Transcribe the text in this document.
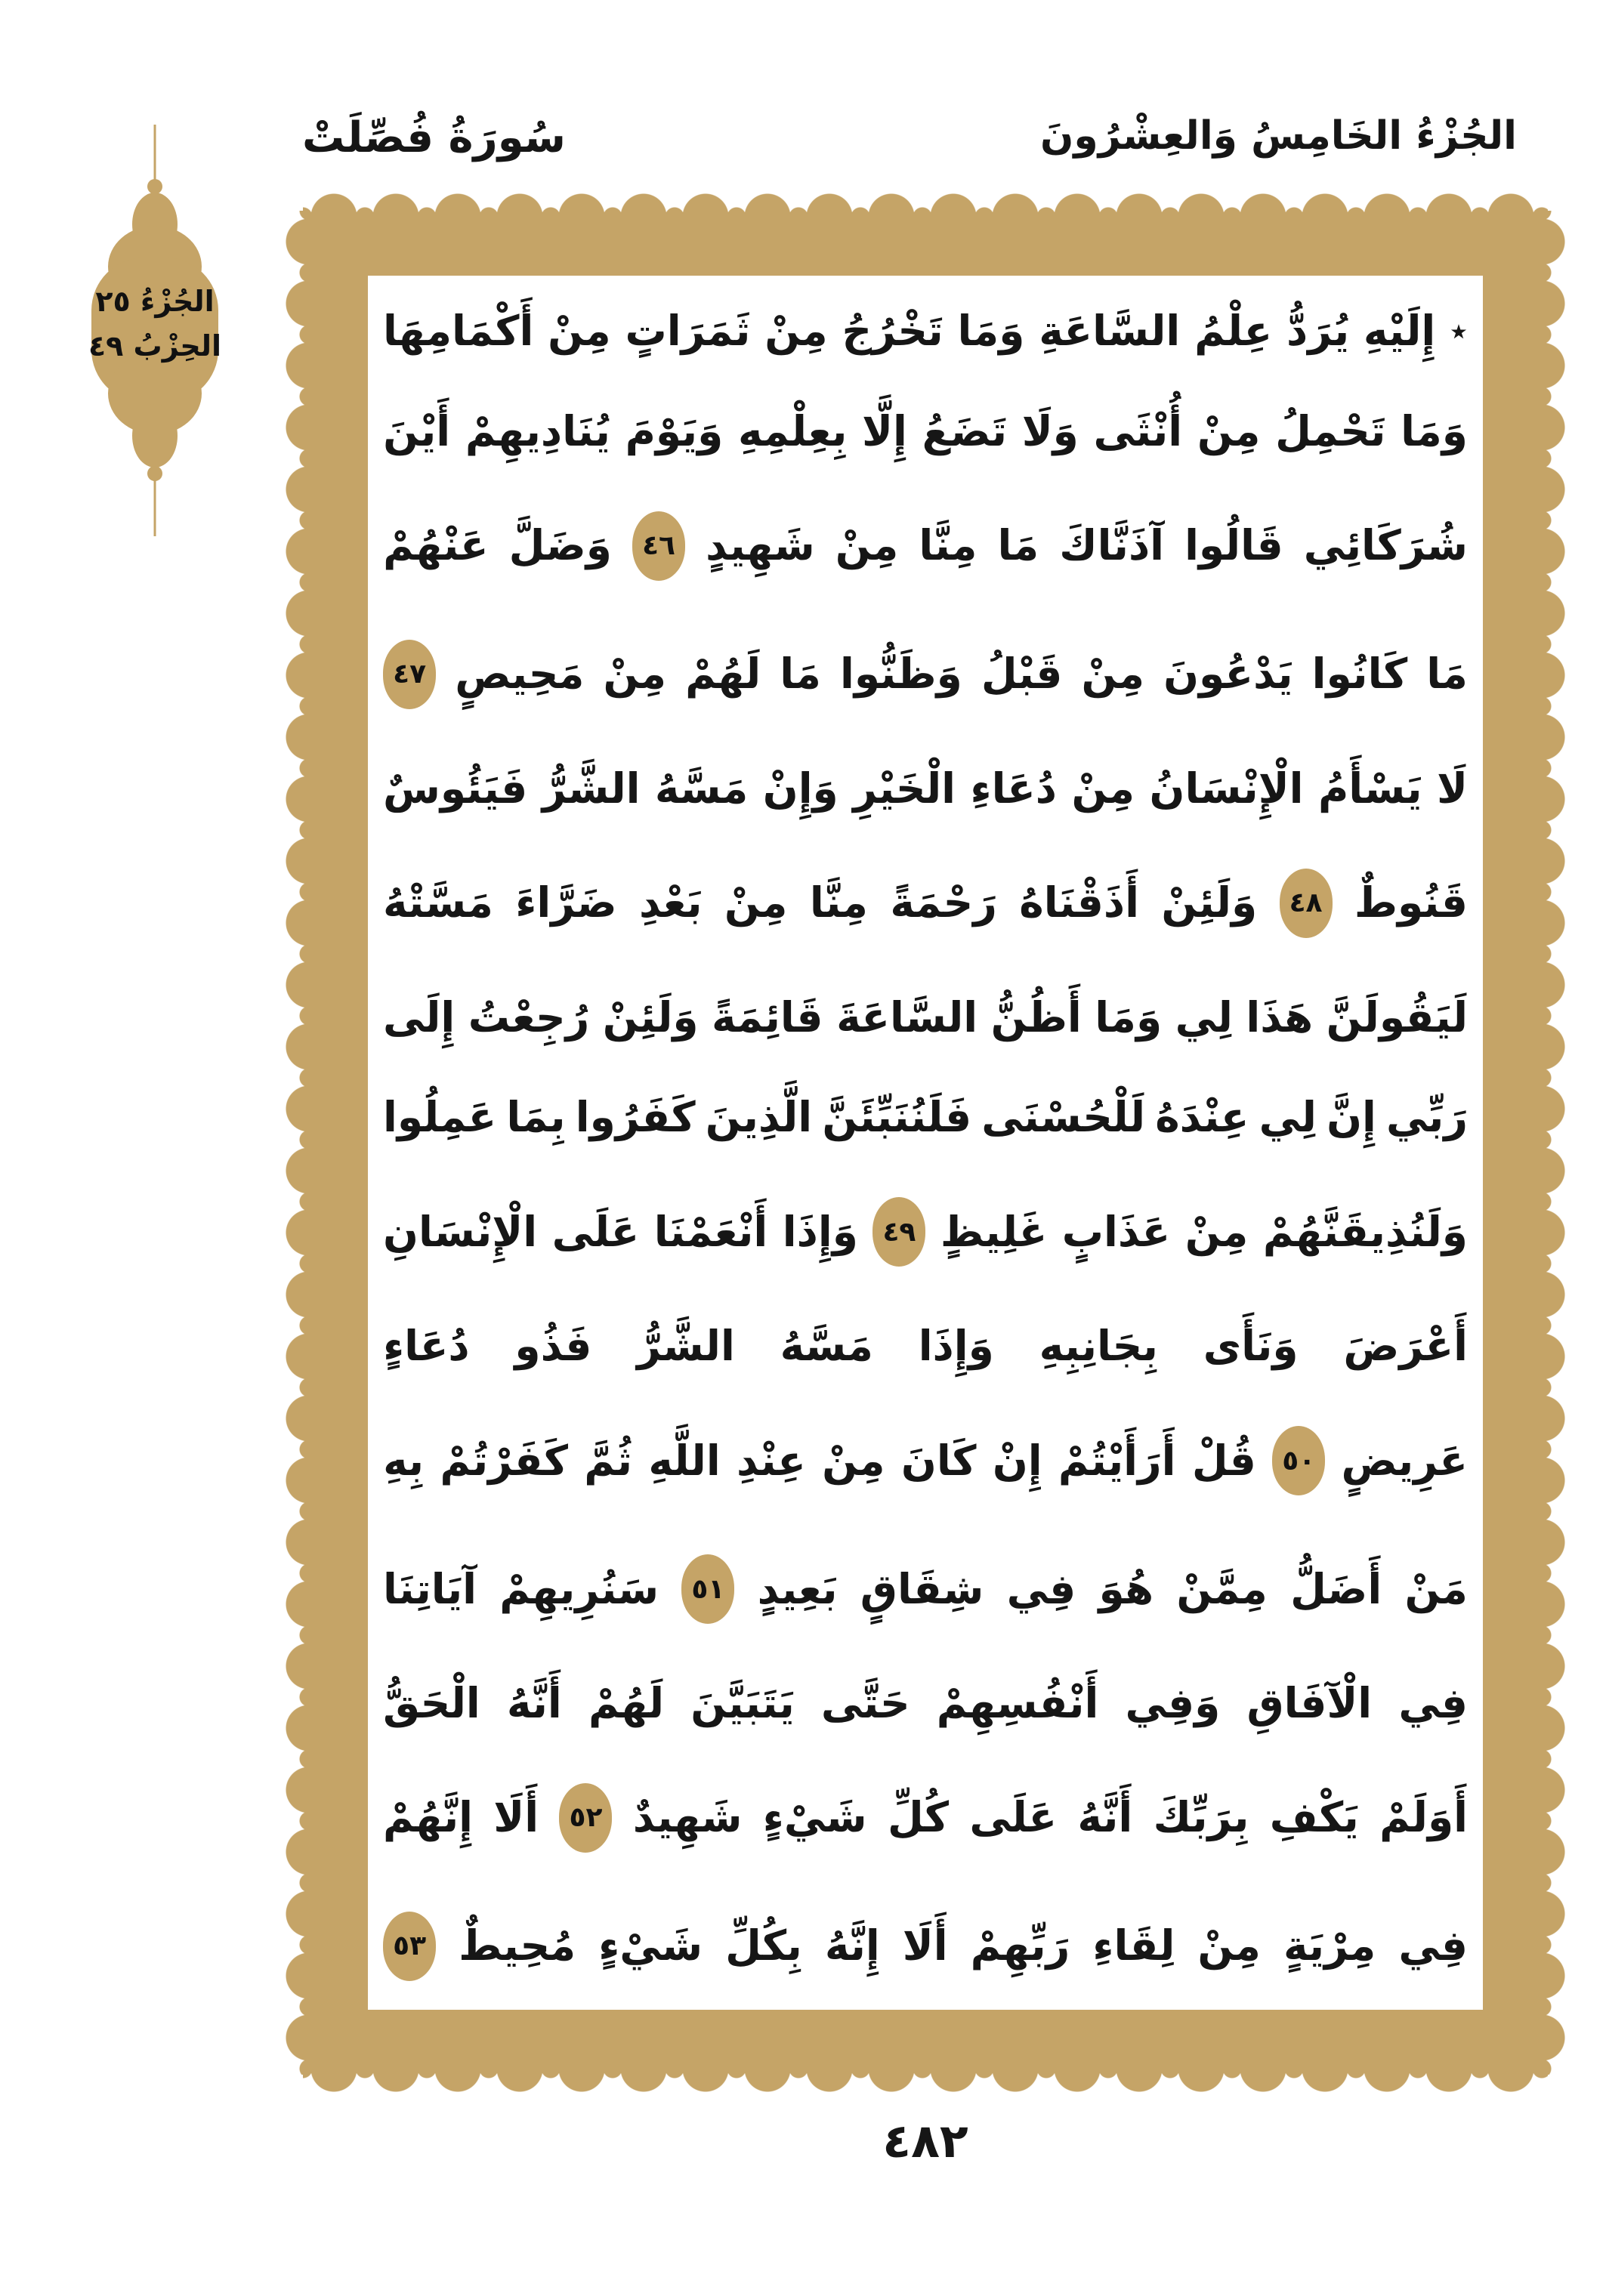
سُورَةُ فُصِّلَتْ	الجُزْءُ الخَامِسُ وَالعِشْرُونَ
الجُزْءُ ٢٥
الحِزْبُ ٤٩	٭
إِلَيْهِ
يُرَدُّ
عِلْمُ
السَّاعَةِ
وَمَا
تَخْرُجُ
مِنْ
ثَمَرَاتٍ
مِنْ
أَكْمَامِهَا
وَمَا
تَحْمِلُ
مِنْ
أُنْثَى
وَلَا
تَضَعُ
إِلَّا
بِعِلْمِهِ
وَيَوْمَ
يُنَادِيهِمْ
أَيْنَ
شُرَكَائِي
قَالُوا
آذَنَّاكَ
مَا
مِنَّا
مِنْ
شَهِيدٍ
٤٦
وَضَلَّ
عَنْهُمْ
مَا
كَانُوا
يَدْعُونَ
مِنْ
قَبْلُ
وَظَنُّوا
مَا
لَهُمْ
مِنْ
مَحِيصٍ
٤٧
لَا
يَسْأَمُ
الْإِنْسَانُ
مِنْ
دُعَاءِ
الْخَيْرِ
وَإِنْ
مَسَّهُ
الشَّرُّ
فَيَئُوسٌ
قَنُوطٌ
٤٨
وَلَئِنْ
أَذَقْنَاهُ
رَحْمَةً
مِنَّا
مِنْ
بَعْدِ
ضَرَّاءَ
مَسَّتْهُ
لَيَقُولَنَّ
هَذَا
لِي
وَمَا
أَظُنُّ
السَّاعَةَ
قَائِمَةً
وَلَئِنْ
رُجِعْتُ
إِلَى
رَبِّي
إِنَّ
لِي
عِنْدَهُ
لَلْحُسْنَى
فَلَنُنَبِّئَنَّ
الَّذِينَ
كَفَرُوا
بِمَا
عَمِلُوا
وَلَنُذِيقَنَّهُمْ
مِنْ
عَذَابٍ
غَلِيظٍ
٤٩
وَإِذَا
أَنْعَمْنَا
عَلَى
الْإِنْسَانِ
أَعْرَضَ
وَنَأَى
بِجَانِبِهِ
وَإِذَا
مَسَّهُ
الشَّرُّ
فَذُو
دُعَاءٍ
عَرِيضٍ
٥٠
قُلْ
أَرَأَيْتُمْ
إِنْ
كَانَ
مِنْ
عِنْدِ
اللَّهِ
ثُمَّ
كَفَرْتُمْ
بِهِ
مَنْ
أَضَلُّ
مِمَّنْ
هُوَ
فِي
شِقَاقٍ
بَعِيدٍ
٥١
سَنُرِيهِمْ
آيَاتِنَا
فِي
الْآفَاقِ
وَفِي
أَنْفُسِهِمْ
حَتَّى
يَتَبَيَّنَ
لَهُمْ
أَنَّهُ
الْحَقُّ
أَوَلَمْ
يَكْفِ
بِرَبِّكَ
أَنَّهُ
عَلَى
كُلِّ
شَيْءٍ
شَهِيدٌ
٥٢
أَلَا
إِنَّهُمْ
فِي
مِرْيَةٍ
مِنْ
لِقَاءِ
رَبِّهِمْ
أَلَا
إِنَّهُ
بِكُلِّ
شَيْءٍ
مُحِيطٌ
٥٣
٤٨٢
